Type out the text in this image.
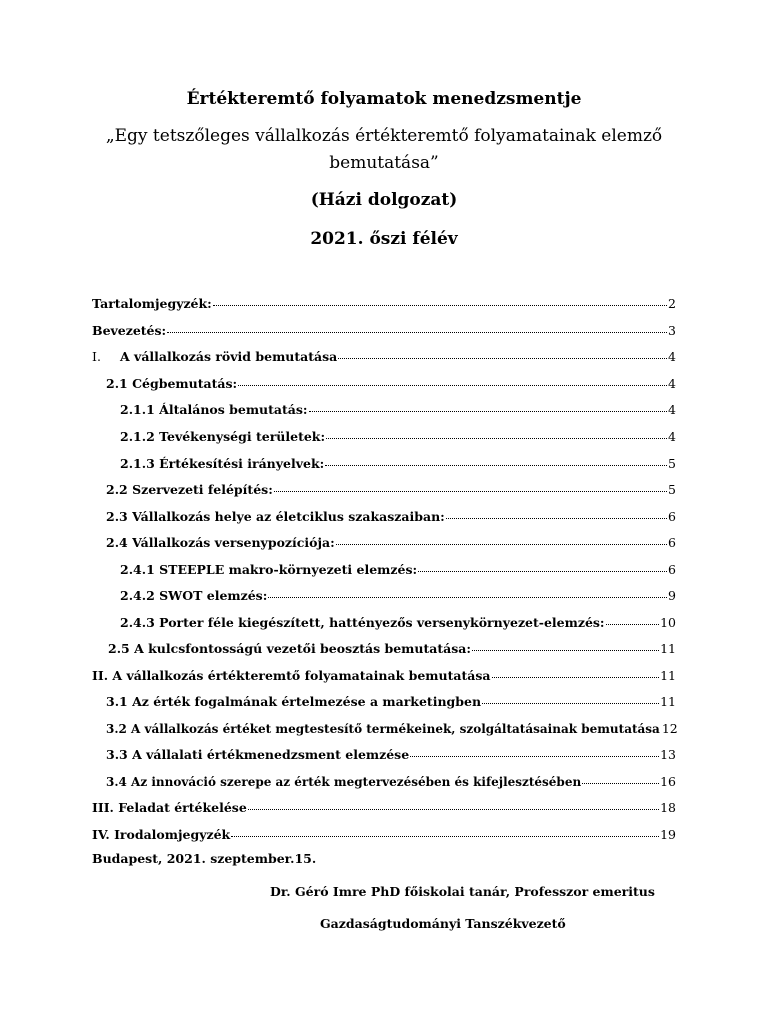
Értékteremtő folyamatok menedzsmentje
„Egy tetszőleges vállalkozás értékteremtő folyamatainak elemző bemutatása”
(Házi dolgozat)
2021. őszi félév
Tartalomjegyzék:	2
Bevezetés:	3
I. A vállalkozás rövid bemutatása	4
2.1 Cégbemutatás:	4
2.1.1 Általános bemutatás:	4
2.1.2 Tevékenységi területek:	4
2.1.3 Értékesítési irányelvek:	5
2.2 Szervezeti felépítés:	5
2.3 Vállalkozás helye az életciklus szakaszaiban:	6
2.4 Vállalkozás versenypozíciója:	6
2.4.1 STEEPLE makro-környezeti elemzés:	6
2.4.2 SWOT elemzés:	9
2.4.3 Porter féle kiegészített, hattényezős versenykörnyezet-elemzés:	10
2.5 A kulcsfontosságú vezetői beosztás bemutatása:	11
II. A vállalkozás értékteremtő folyamatainak bemutatása	11
3.1 Az érték fogalmának értelmezése a marketingben	11
3.2 A vállalkozás értéket megtestesítő termékeinek, szolgáltatásainak bemutatása 12
3.3 A vállalati értékmenedzsment elemzése	13
3.4 Az innováció szerepe az érték megtervezésében és kifejlesztésében	16
III. Feladat értékelése	18
IV. Irodalomjegyzék	19
Budapest, 2021. szeptember.15.
Dr. Géró Imre PhD főiskolai tanár, Professzor emeritus
Gazdaságtudományi Tanszékvezető
